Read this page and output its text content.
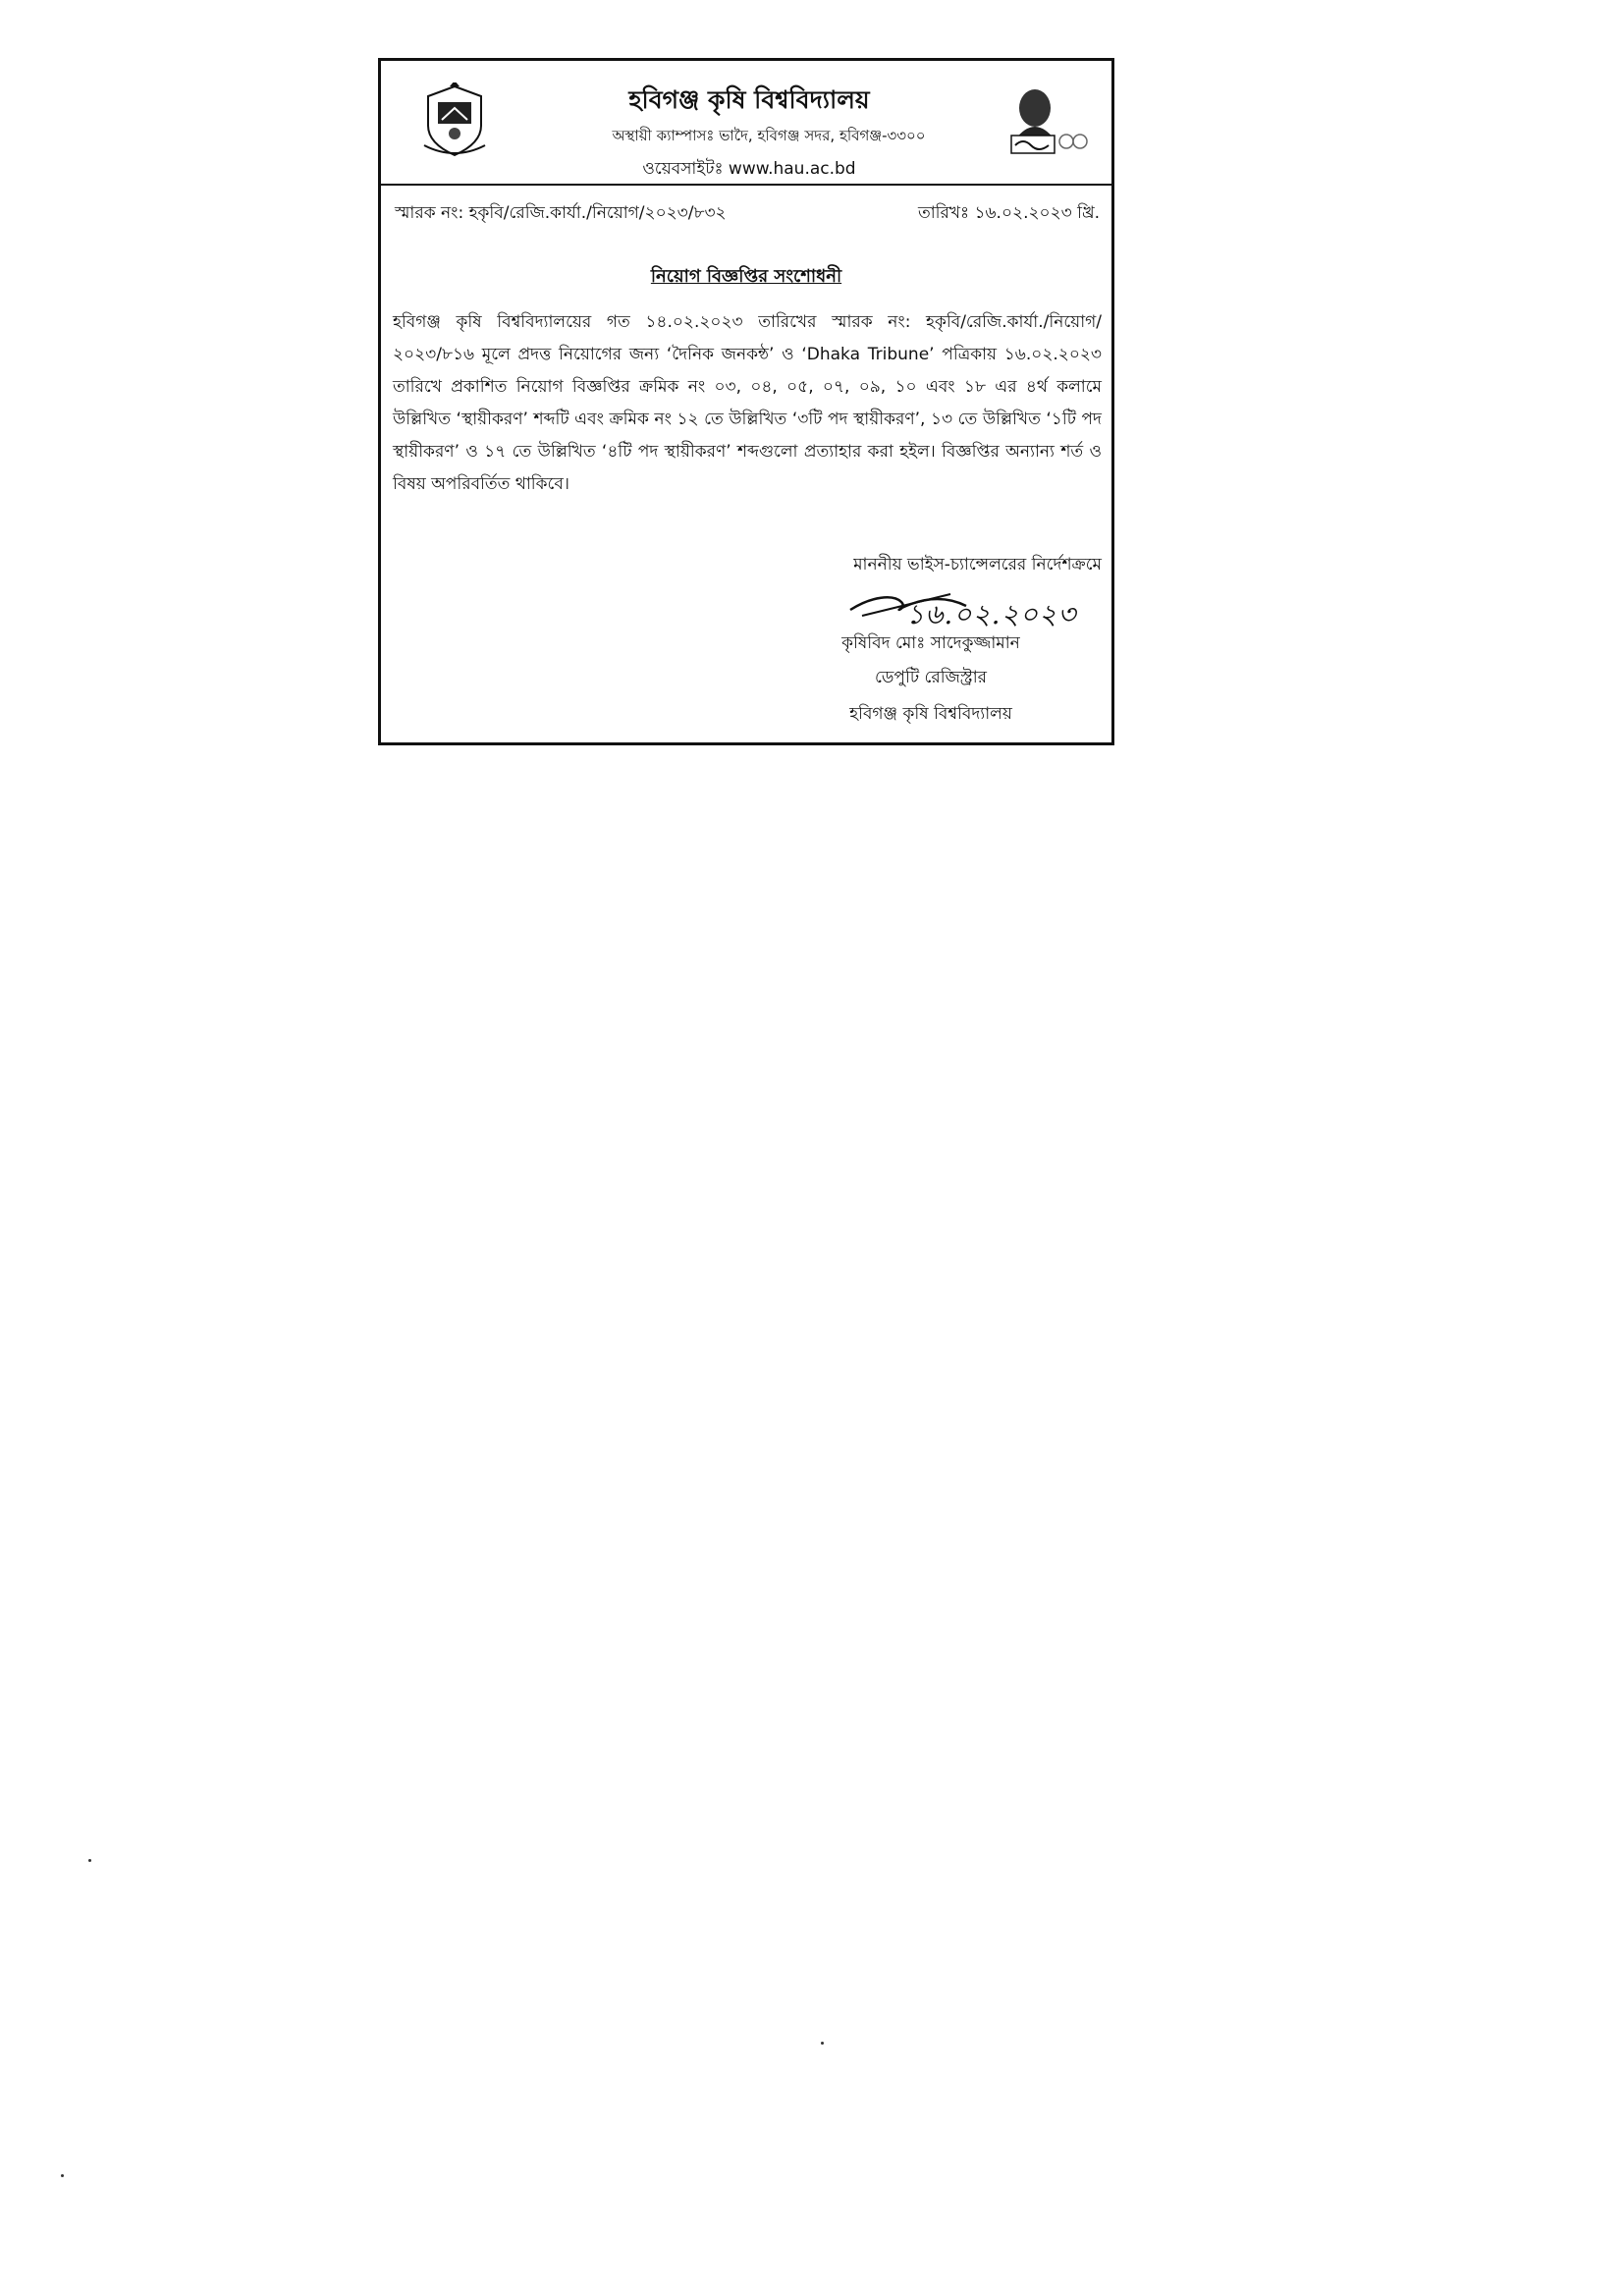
হবিগঞ্জ কৃষি বিশ্ববিদ্যালয়
অস্থায়ী ক্যাম্পাসঃ ভাদৈ, হবিগঞ্জ সদর, হবিগঞ্জ-৩৩০০
ওয়েবসাইটঃ www.hau.ac.bd
স্মারক নং: হকৃবি/রেজি.কার্যা./নিয়োগ/২০২৩/৮৩২	তারিখঃ ১৬.০২.২০২৩ খ্রি.
নিয়োগ বিজ্ঞপ্তির সংশোধনী
হবিগঞ্জ কৃষি বিশ্ববিদ্যালয়ের গত ১৪.০২.২০২৩ তারিখের স্মারক নং: হকৃবি/রেজি.কার্যা./নিয়োগ/২০২৩/৮১৬ মূলে প্রদত্ত নিয়োগের জন্য ‘দৈনিক জনকন্ঠ’ ও ‘Dhaka Tribune’ পত্রিকায় ১৬.০২.২০২৩ তারিখে প্রকাশিত নিয়োগ বিজ্ঞপ্তির ক্রমিক নং ০৩, ০৪, ০৫, ০৭, ০৯, ১০ এবং ১৮ এর ৪র্থ কলামে উল্লিখিত ‘স্থায়ীকরণ’ শব্দটি এবং ক্রমিক নং ১২ তে উল্লিখিত ‘৩টি পদ স্থায়ীকরণ’, ১৩ তে উল্লিখিত ‘১টি পদ স্থায়ীকরণ’ ও ১৭ তে উল্লিখিত ‘৪টি পদ স্থায়ীকরণ’ শব্দগুলো প্রত্যাহার করা হইল। বিজ্ঞপ্তির অন্যান্য শর্ত ও বিষয় অপরিবর্তিত থাকিবে।
মাননীয় ভাইস-চ্যান্সেলরের নির্দেশক্রমে
১৬.০২.২০২৩
কৃষিবিদ মোঃ সাদেকুজ্জামান
ডেপুটি রেজিস্ট্রার
হবিগঞ্জ কৃষি বিশ্ববিদ্যালয়
